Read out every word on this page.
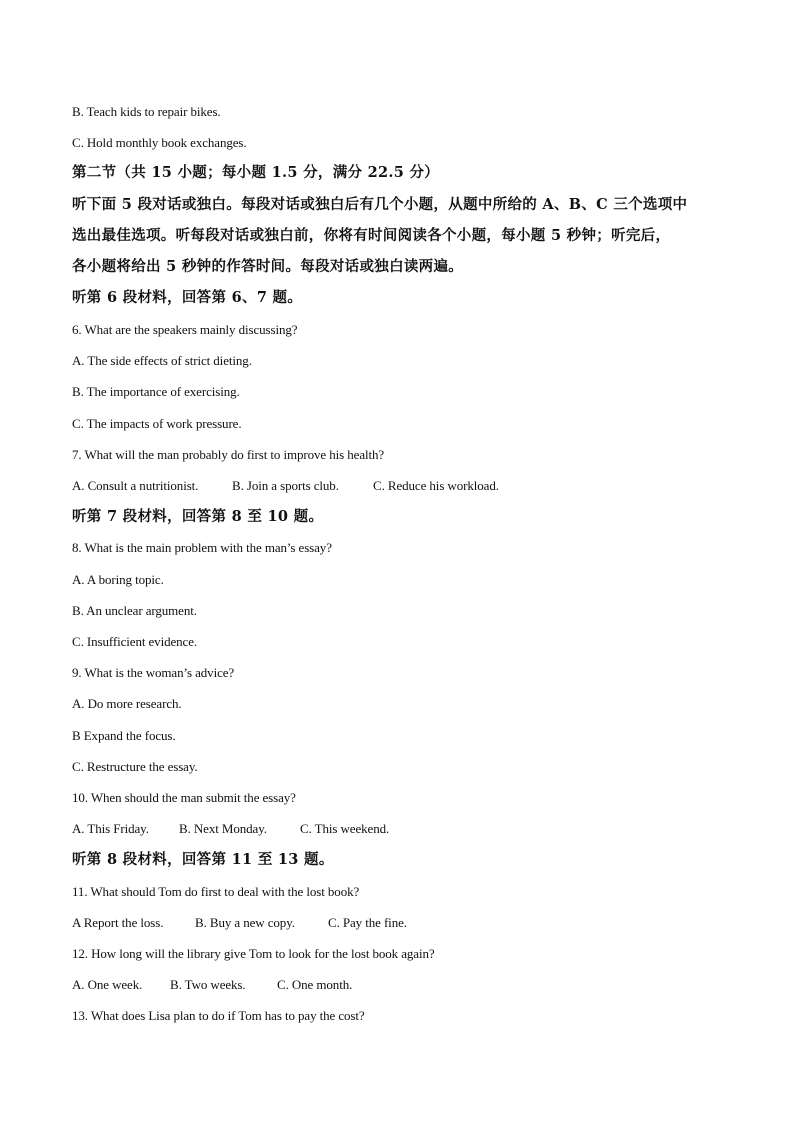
B. Teach kids to repair bikes.
C. Hold monthly book exchanges.
第二节（共 15 小题；每小题 1.5 分，满分 22.5 分）
听下面 5 段对话或独白。每段对话或独白后有几个小题，从题中所给的 A、B、C 三个选项中
选出最佳选项。听每段对话或独白前，你将有时间阅读各个小题，每小题 5 秒钟；听完后，
各小题将给出 5 秒钟的作答时间。每段对话或独白读两遍。
听第 6 段材料，回答第 6、7 题。
6. What are the speakers mainly discussing?
A. The side effects of strict dieting.
B. The importance of exercising.
C. The impacts of work pressure.
7. What will the man probably do first to improve his health?
A. Consult a nutritionist.	B. Join a sports club.	C. Reduce his workload.
听第 7 段材料，回答第 8 至 10 题。
8. What is the main problem with the man’s essay?
A. A boring topic.
B. An unclear argument.
C. Insufficient evidence.
9. What is the woman’s advice?
A. Do more research.
B Expand the focus.
C. Restructure the essay.
10. When should the man submit the essay?
A. This Friday. B. Next Monday.	C. This weekend.
听第 8 段材料，回答第 11 至 13 题。
11. What should Tom do first to deal with the lost book?
A Report the loss. B. Buy a new copy.	C. Pay the fine.
12. How long will the library give Tom to look for the lost book again?
A. One week. B. Two weeks. C. One month.
13. What does Lisa plan to do if Tom has to pay the cost?
